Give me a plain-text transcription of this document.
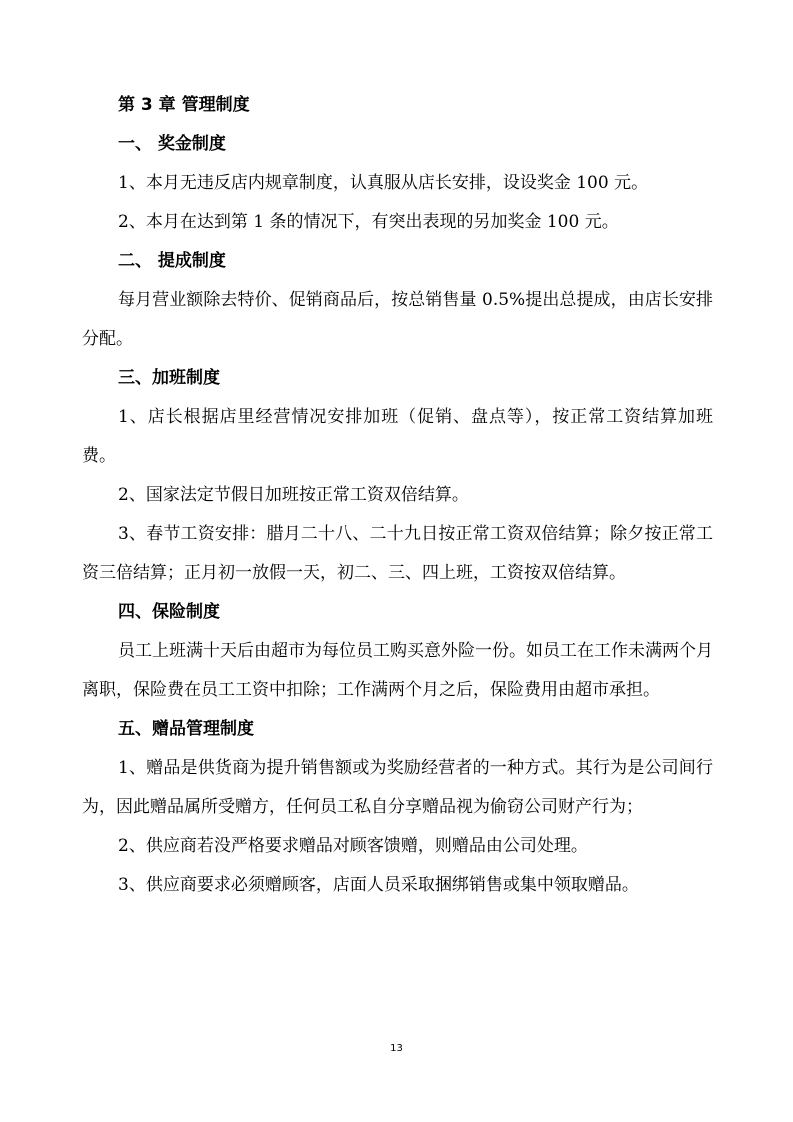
第 3 章 管理制度

一、 奖金制度

1、本月无违反店内规章制度，认真服从店长安排，设设奖金 100 元。

2、本月在达到第 1 条的情况下，有突出表现的另加奖金 100 元。

二、 提成制度

每月营业额除去特价、促销商品后，按总销售量 0.5%提出总提成，由店长安排分配。

三、加班制度

1、店长根据店里经营情况安排加班（促销、盘点等），按正常工资结算加班费。

2、国家法定节假日加班按正常工资双倍结算。

3、春节工资安排：腊月二十八、二十九日按正常工资双倍结算；除夕按正常工资三倍结算；正月初一放假一天，初二、三、四上班，工资按双倍结算。

四、保险制度

员工上班满十天后由超市为每位员工购买意外险一份。如员工在工作未满两个月离职，保险费在员工工资中扣除；工作满两个月之后，保险费用由超市承担。

五、赠品管理制度

1、赠品是供货商为提升销售额或为奖励经营者的一种方式。其行为是公司间行为，因此赠品属所受赠方，任何员工私自分享赠品视为偷窃公司财产行为；

2、供应商若没严格要求赠品对顾客馈赠，则赠品由公司处理。

3、供应商要求必须赠顾客，店面人员采取捆绑销售或集中领取赠品。

13
